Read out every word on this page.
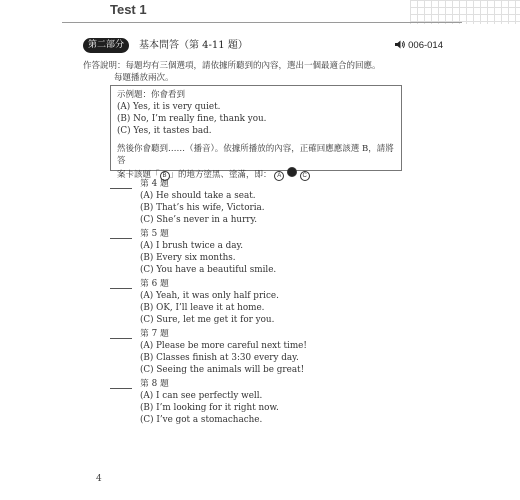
Test 1
第二部分	基本問答（第 4-11 題）	006-014
作答說明：每題均有三個選項，請依據所聽到的內容，選出一個最適合的回應。
每題播放兩次。
示例題：你會看到
(A) Yes, it is very quiet.
(B) No, I’m really fine, thank you.
(C) Yes, it tastes bad.
然後你會聽到……（播音）。依據所播放的內容，正確回應應該選 B，請將答
案卡該題「 B 」的地方塗黑、塗滿，即： A	C
第 4 題
(A) He should take a seat.
(B) That’s his wife, Victoria.
(C) She’s never in a hurry.
第 5 題
(A) I brush twice a day.
(B) Every six months.
(C) You have a beautiful smile.
第 6 題
(A) Yeah, it was only half price.
(B) OK, I’ll leave it at home.
(C) Sure, let me get it for you.
第 7 題
(A) Please be more careful next time!
(B) Classes finish at 3:30 every day.
(C) Seeing the animals will be great!
第 8 題
(A) I can see perfectly well.
(B) I’m looking for it right now.
(C) I’ve got a stomachache.
4
